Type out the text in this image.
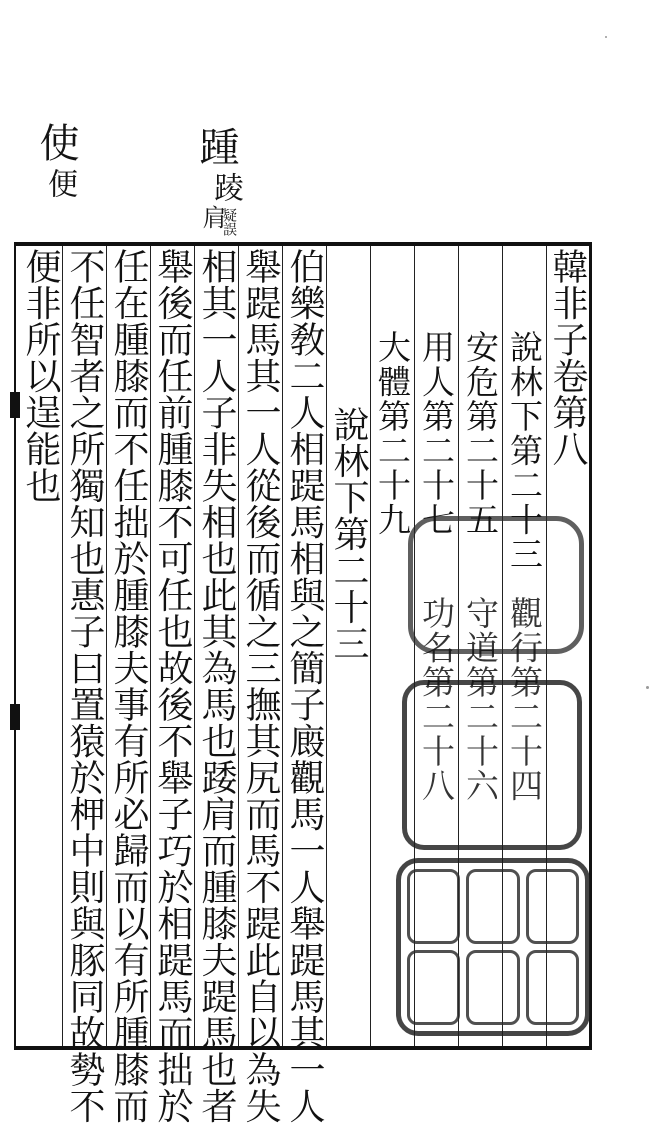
使
便
踵
踜
肩
疑誤
韓非子卷第八
說林下第二十三
安危第二十五
用人第二十七
大體第二十九
說林下第二十三
伯樂敎二人相踶馬相與之簡子廄觀馬一人舉踶馬其一人
舉踶馬其一人從後而循之三撫其尻而馬不踶此自以為失
相其一人子非失相也此其為馬也踒肩而腫膝夫踶馬也者
舉後而任前腫膝不可任也故後不舉子巧於相踶馬而拙於
任在腫膝而不任拙於腫膝夫事有所必歸而以有所腫膝而
不任智者之所獨知也惠子曰置猿於柙中則與豚同故勢不
便非所以逞能也
觀行第二十四
守道第二十六
功名第二十八
